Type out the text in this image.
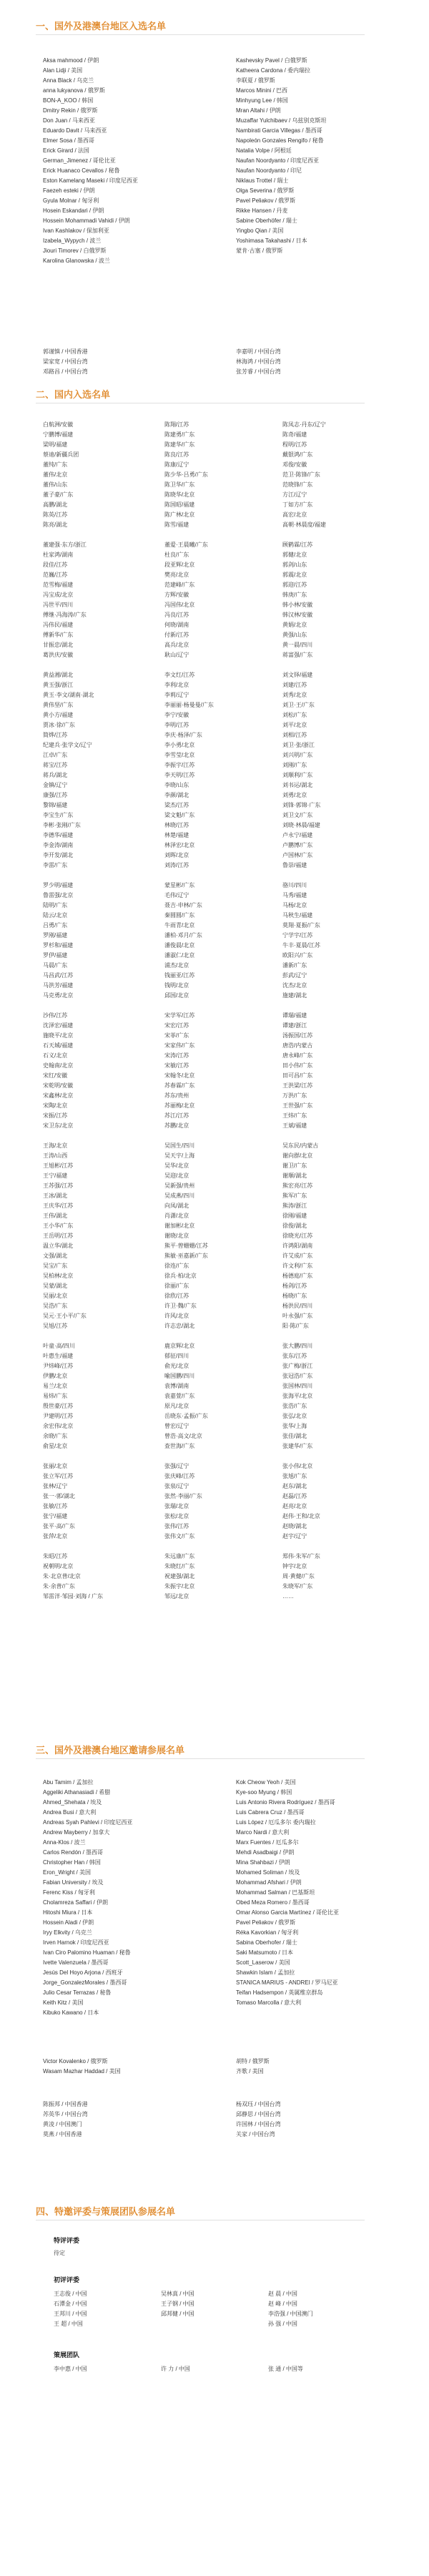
一、国外及港澳台地区入选名单
Aksa mahmood / 伊朗
Alan Lidji / 美国
Anna Black / 乌克兰
anna lukyanova / 俄罗斯
BON-A_KOO / 韩国
Dmitry Rekin / 俄罗斯
Don Juan / 马来西亚
Eduardo Davit / 马来西亚
Elmer Sosa / 墨西哥
Erick Girard / 法国
German_Jimenez / 哥伦比亚
Erick Huanaco Cevallos / 秘鲁
Eston Kamelang Maseki / 印度尼西亚
Faezeh esteki / 伊朗
Gyula Molnar / 匈牙利
Hosein Eskandari / 伊朗
Hossein Mohammadi Vahidi / 伊朗
Ivan Kashlakov / 保加利亚
Izabela_Wypych / 波兰
Jiouri Timorev / 白俄罗斯
Karolina Glanowska / 波兰
Kashevsky Pavel / 白俄罗斯
Katheera Cardona / 委内瑞拉
李联夏 / 俄罗斯
Marcos Minini / 巴西
Minhyung Lee / 韩国
Mran Altahi / 伊朗
Muzaffar Yulchibaev / 乌兹别克斯坦
Nambirati Garcia Villegas / 墨西哥
Napoleón Gonzales Rengifo / 秘鲁
Natalia Volpe / 阿根廷
Naufan Noordyanto / 印度尼西亚
Naufan Noordyanto / 印尼
Niklaus Trottel / 瑞士
Olga Severina / 俄罗斯
Pavel Peliakov / 俄罗斯
Rikke Hansen / 丹麦
Sabine Oberhöfer / 瑞士
Yingbo Qian / 美国
Yoshimasa Takahashi / 日本
蒙肯·古塞 / 俄罗斯
郭谨慎 / 中国香港
梁家宽 / 中国台湾
邓路昌 / 中国台湾
李嘉明 / 中国台湾
林海鸿 / 中国台湾
张芳睿 / 中国台湾
二、国内入选名单
白航洲/安徽
宁鹏博/福建
梁明/福建
蔡迪/新疆兵团
董纯/广东
董伟/北京
董伟/山东
董子豪/广东
高鹏/湖北
陈英/江苏
陈亮/湖北
董建强·东方/浙江
杜家鸿/湖南
段佳/江苏
范巍/江苏
范雪梅/福建
冯宝成/北京
冯世平/四川
傅继·冯海涛/广东
冯伟民/福建
傅新华/广东
甘振忠/湖北
葛洪庆/安徽
黄益湘/湖北
黄玉强/浙江
黄玉·李文/湖南·湖北
黄伟坚/广东
黄小方/福建
贾冰·徐/广东
简烨/江苏
纪建兵·张学文/辽宁
江卓/广东
蒋宝/江苏
蒋兵/湖北
金镇/辽宁
康强/江苏
黎锦/福建
李宝生/广东
李彬·张刚/广东
李德华/福建
李金涛/湖南
李开发/湖北
李雷/广东
罗少明/福建
鲁雷强/北京
陆明/广东
陆云/北京
吕勇/广东
罗刚/福建
罗杉和/福建
罗伊/福建
马晨/广东
马昌武/江苏
马洪芳/福建
马克勇/北京
沙伟/江苏
沈泽宏/福建
施晓平/北京
石天城/福建
石义/北京
史翰南/北京
宋红/安徽
宋乾明/安徽
宋鑫林/北京
宋陶/北京
宋振/江苏
宋卫东/北京
王海/北京
王涛/山西
王旭彬/江苏
王宁/福建
王苏强/江苏
王冰/湖北
王庆华/江苏
王伟/湖北
王小华/广东
王岳明/江苏
温立华/湖北
文强/湖北
吴宝/广东
吴柏林/北京
吴蒙/湖北
吴丽/北京
吴浩/广东
吴元·王小平/广东
吴旭/江苏
叶童·高/四川
叶惠生/福建
尹炜峰/江苏
伊鹏/北京
易兰/北京
易炜/广东
殷世豪/江苏
尹建明/江苏
余宏伟/北京
余晓/广东
俞星/北京
张丽/北京
张立军/江苏
张林/辽宁
张一·郭/湖北
张敏/江苏
张宁/福建
张平·高/广东
张萍/北京
朱昭/江苏
祝朝明/北京
朱·北京普/北京
朱·余普/广东
邹雷洋·邹园·刘海 / 广东
陈翔/江苏
陈建勇/广东
陈建华/广东
陈良/江苏
陈康/辽宁
陈少华·吕勇/广东
陈卫华/广东
陈晓华/北京
陈国昭/福建
陈广林/北京
陈雪/福建
董爱·王晨曦/广东
杜良/广东
段亚辉/北京
樊亮/北京
范建峰/广东
方辉/安徽
冯国伟/北京
冯良/江苏
何晓/湖南
付新/江苏
高兵/北京
耿山/辽宁
李文红/江苏
李利/北京
李莉/辽宁
李丽丽·杨曼曼/广东
李宁/安徽
李明/江苏
李庆·杨泽/广东
李小勇/北京
李雪莹/北京
李振宇/江苏
李天明/江苏
李晓/山东
李颜/湖北
梁杰/江苏
梁文魁/广东
林晓/江苏
林楚/福建
林泽宏/北京
刘晖/北京
刘涛/江苏
蒙星彬/广东
毛伟/辽宁
聂吉·申林/广东
秦圆圆/广东
牛雨青/北京
潘柏·邓月/广东
潘俊晨/北京
潘淑仁/北京
浦杰/北京
钱丽亚/江苏
钱明/北京
邱国/北京
宋学军/江苏
宋宏/江苏
宋菲/广东
宋家伟/广东
宋涛/江苏
宋敏/江苏
宋翰冬/北京
苏春霖/广东
苏东/贵州
苏丽梅/北京
苏江/江苏
苏鹏/北京
吴国生/四川
吴天宇/上海
吴华/北京
吴迎/北京
吴新强/贵州
吴成燕/四川
向凤/湖北
肖潇/北京
谢加彬/北京
谢晓/北京
熊平·曾姗姗/江苏
熊敏·巫嘉新/广东
徐连/广东
徐兵·柏/北京
徐丽/广东
徐欣/江苏
许卫·魏/广东
许风/北京
许志忠/湖北
鹿京辉/北京
郁征/四川
俞光/北京
喻国鹏/四川
袁博/湖南
袁嘉萱/广东
原凡/北京
岳晓东·孟振/广东
曾宏/辽宁
曾浩·高文/北京
查世海/广东
张强/辽宁
张庆峰/江苏
张泉/辽宁
张然·李丽/广东
张瑞/北京
张松/北京
张伟/江苏
张伟文/广东
朱远康/广东
朱晓红/广东
祝建强/湖北
朱振宇/北京
邹远/北京
陈凤志·丹东/辽宁
陈奇/福建
程明/江苏
戴银鸿/广东
邓俊/安徽
范卫·陈锋/广东
范晓锋/广东
方江/辽宁
丁如方/广东
高宏/北京
高朝·林晨度/福建
顾鹤霖/江苏
郭健/北京
郭剑/山东
郭震/北京
郭迎/江苏
韩庚/广东
韩小林/安徽
韩汉林/安徽
黄娟/北京
黄强/山东
黄一晨/四川
蒋富强/广东
刘文铎/福建
刘建/江苏
刘秀/北京
刘卫·王/广东
刘松/广东
刘平/北京
刘相/江苏
刘卫·张/浙江
刘兴明/广东
刘刚/广东
刘顺利/广东
刘书运/湖北
刘勇/北京
刘锋·郭锦·广东
刘卫文/广东
刘晓·林晨/福建
卢永宁/福建
卢鹏博/广东
卢国林/广东
鲁崇/福建
骆川/四川
马秀/福建
马杨/北京
马秋生/福建
莫翔·夏振/广东
宁学宇/江苏
牛丰·夏晨/江苏
欧阳兴/广东
潘新/广东
彭武/辽宁
沈杰/北京
施建/湖北
谭瑞/福建
谭建/浙江
汤振国/江苏
唐浩/内蒙古
唐永峰/广东
田小伟/广东
田可昌/广东
王洪梁/江苏
万洪/广东
王世强/广东
王炜/广东
王斌/福建
吴东民/内蒙古
谢向群/北京
谢卫/广东
谢顺/湖北
熊宏亮/江苏
熊军/广东
熊涛/浙江
徐刚/福建
徐俊/湖北
徐晓光/江苏
许鸿阳/湖南
许艾成/广东
许文利/广东
杨德庭/广东
杨剑/江苏
杨晓/广东
杨洪民/四川
叶永强/广东
阳·陈/广东
张大鹏/四川
张东/江苏
张广梅/浙江
张冠浩/广东
张国林/四川
张海平/北京
张浩/广东
张弘/北京
张华/上海
张佳/湖北
张建华/广东
张小伟/北京
张旭/广东
赵东/湖北
赵磊/江苏
赵亮/北京
赵伟·王和/北京
赵晓/湖北
赵宇/辽宁
郑伟·朱军/广东
钟宇/北京
周·黄健/广东
朱晓军/广东
……
三、国外及港澳台地区邀请参展名单
Abu Tamim / 孟加拉
Aggeliki Athanasiadi / 希腊
Ahmed_Shehata / 埃及
Andrea Busi / 意大利
Andreas Syah Pahlevi / 印度尼西亚
Andrew Mayberry / 加拿大
Anna-Klos / 波兰
Carlos Rendón / 墨西哥
Christopher Han / 韩国
Eron_Wright / 美国
Fabian University / 埃及
Ferenc Kiss / 匈牙利
Cholamreza Saffari / 伊朗
Hitoshi Miura / 日本
Hossein Aladi / 伊朗
Iryy Elkvity / 乌克兰
Irven Harnok / 印度尼西亚
Ivan Ciro Palomino Huaman / 秘鲁
Ivette Valenzuela / 墨西哥
Jesús Del Hoyo Arjona / 西班牙
Jorge_GonzalezMorales / 墨西哥
Julio Cesar Terrazas / 秘鲁
Keith Kitz / 美国
Kibuko Kawano / 日本
Kok Cheow Yeoh / 美国
Kye-soo Myung / 韩国
Luis Antonio Rivera Rodríguez / 墨西哥
Luis Cabrera Cruz / 墨西哥
Luis López / 厄瓜多尔 委内瑞拉
Marco Nardi / 意大利
Marx Fuentes / 厄瓜多尔
Mehdi Asadbaigi / 伊朗
Mina Shahbazi / 伊朗
Mohamed Soliman / 埃及
Mohammad Afshari / 伊朗
Mohammad Salman / 巴基斯坦
Obed Meza Romero / 墨西哥
Omar Alonso Garcia Martínez / 哥伦比亚
Pavel Peliakov / 俄罗斯
Réka Kavorkian / 匈牙利
Sabina Oberhofer / 瑞士
Saki Matsumoto / 日本
Scott_Laserow / 美国
Shawkin Islam / 孟加拉
STANICA MARIUS - ANDREI / 罗马尼亚
Teifan Hadsempon / 英属维京群岛
Tomaso Marcolla / 意大利
Victor Kovalenko / 俄罗斯
Wasam Mazhar Haddad / 美国
胡特 / 俄罗斯
齐歌 / 美国
陈振邦 / 中国香港
苏英华 / 中国台湾
黄凌 / 中国澳门
莫燕 / 中国香港
杨双珏 / 中国台湾
邱静思 / 中国台湾
许国林 / 中国台湾
关家 / 中国台湾
四、特邀评委与策展团队参展名单
特评评委
待定
初评评委
王志俊 / 中国
石潭金 / 中国
王邦川 / 中国
王 超 / 中国
吴林真 / 中国
王子钢 / 中国
邱邦健 / 中国
赵 晨 / 中国
赵 峰 / 中国
李浩强 / 中国澳门
孙 强 / 中国
策展团队
李中惠 / 中国	许 力 / 中国	张 通 / 中国等
